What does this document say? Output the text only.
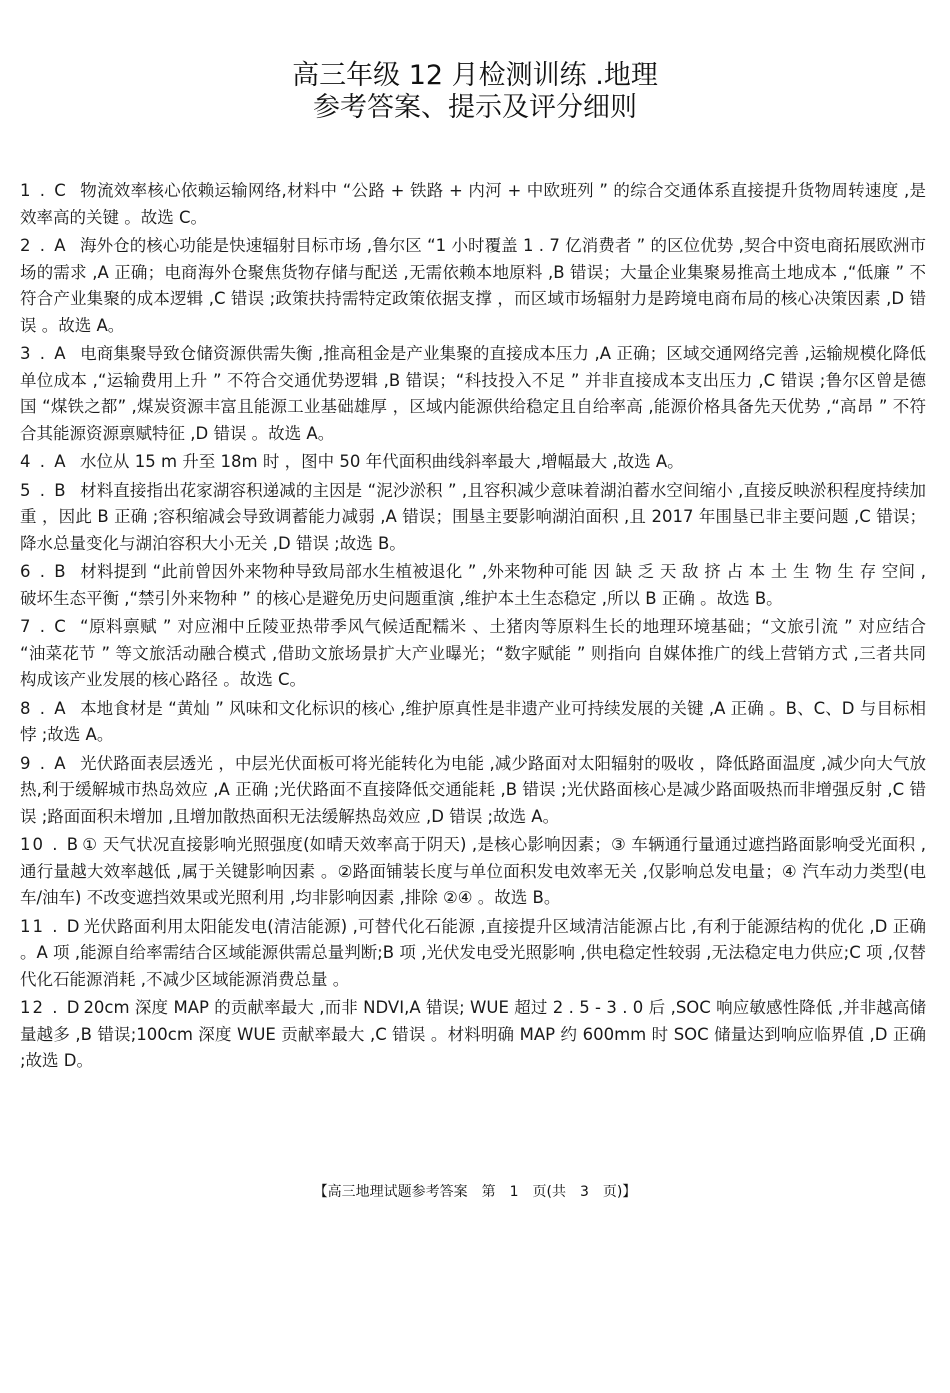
高三年级 12 月检测训练 .地理
参考答案、提示及评分细则

1 . C 物流效率核心依赖运输网络,材料中 “公路 + 铁路 + 内河 + 中欧班列 ” 的综合交通体系直接提升货物周转速度 ,是效率高的关键 。故选 C。

2 . A 海外仓的核心功能是快速辐射目标市场 ,鲁尔区 “1 小时覆盖 1 . 7 亿消费者 ” 的区位优势 ,契合中资电商拓展欧洲市场的需求 ,A 正确；电商海外仓聚焦货物存储与配送 ,无需依赖本地原料 ,B 错误；大量企业集聚易推高土地成本 ,“低廉 ” 不符合产业集聚的成本逻辑 ,C 错误 ;政策扶持需特定政策依据支撑 ，而区域市场辐射力是跨境电商布局的核心决策因素 ,D 错误 。故选 A。

3 . A 电商集聚导致仓储资源供需失衡 ,推高租金是产业集聚的直接成本压力 ,A 正确；区域交通网络完善 ,运输规模化降低单位成本 ,“运输费用上升 ” 不符合交通优势逻辑 ,B 错误；“科技投入不足 ” 并非直接成本支出压力 ,C 错误 ;鲁尔区曾是德国 “煤铁之都” ,煤炭资源丰富且能源工业基础雄厚 ，区域内能源供给稳定且自给率高 ,能源价格具备先天优势 ,“高昂 ” 不符合其能源资源禀赋特征 ,D 错误 。故选 A。

4 . A 水位从 15 m 升至 18m 时 ，图中 50 年代面积曲线斜率最大 ,增幅最大 ,故选 A。

5 . B 材料直接指出花家湖容积递减的主因是 “泥沙淤积 ” ,且容积减少意味着湖泊蓄水空间缩小 ,直接反映淤积程度持续加重 ，因此 B 正确 ;容积缩减会导致调蓄能力减弱 ,A 错误；围垦主要影响湖泊面积 ,且 2017 年围垦已非主要问题 ,C 错误；降水总量变化与湖泊容积大小无关 ,D 错误 ;故选 B。

6 . B 材料提到 “此前曾因外来物种导致局部水生植被退化 ” ,外来物种可能 因 缺 乏 天 敌 挤 占 本 土 生 物 生 存 空间 ,破坏生态平衡 ,“禁引外来物种 ” 的核心是避免历史问题重演 ,维护本土生态稳定 ,所以 B 正确 。故选 B。

7 . C “原料禀赋 ” 对应湘中丘陵亚热带季风气候适配糯米 、土猪肉等原料生长的地理环境基础；“文旅引流 ” 对应结合 “油菜花节 ” 等文旅活动融合模式 ,借助文旅场景扩大产业曝光；“数字赋能 ” 则指向 自媒体推广的线上营销方式 ,三者共同构成该产业发展的核心路径 。故选 C。

8 . A 本地食材是 “黄灿 ” 风味和文化标识的核心 ,维护原真性是非遗产业可持续发展的关键 ,A 正确 。B、C、D 与目标相悖 ;故选 A。

9 . A 光伏路面表层透光 ，中层光伏面板可将光能转化为电能 ,减少路面对太阳辐射的吸收 ，降低路面温度 ,减少向大气放热,利于缓解城市热岛效应 ,A 正确 ;光伏路面不直接降低交通能耗 ,B 错误 ;光伏路面核心是减少路面吸热而非增强反射 ,C 错误 ;路面面积未增加 ,且增加散热面积无法缓解热岛效应 ,D 错误 ;故选 A。

10 . B ① 天气状况直接影响光照强度(如晴天效率高于阴天) ,是核心影响因素；③ 车辆通行量通过遮挡路面影响受光面积 ,通行量越大效率越低 ,属于关键影响因素 。②路面铺装长度与单位面积发电效率无关 ,仅影响总发电量；④ 汽车动力类型(电车/油车) 不改变遮挡效果或光照利用 ,均非影响因素 ,排除 ②④ 。故选 B。

11 . D 光伏路面利用太阳能发电(清洁能源) ,可替代化石能源 ,直接提升区域清洁能源占比 ,有利于能源结构的优化 ,D 正确 。A 项 ,能源自给率需结合区域能源供需总量判断;B 项 ,光伏发电受光照影响 ,供电稳定性较弱 ,无法稳定电力供应;C 项 ,仅替代化石能源消耗 ,不减少区域能源消费总量 。

12 . D 20cm 深度 MAP 的贡献率最大 ,而非 NDVI,A 错误; WUE 超过 2 . 5 - 3 . 0 后 ,SOC 响应敏感性降低 ,并非越高储量越多 ,B 错误;100cm 深度 WUE 贡献率最大 ,C 错误 。材料明确 MAP 约 600mm 时 SOC 储量达到响应临界值 ,D 正确 ;故选 D。

【高三地理试题参考答案　第　1　页(共　3　页)】
